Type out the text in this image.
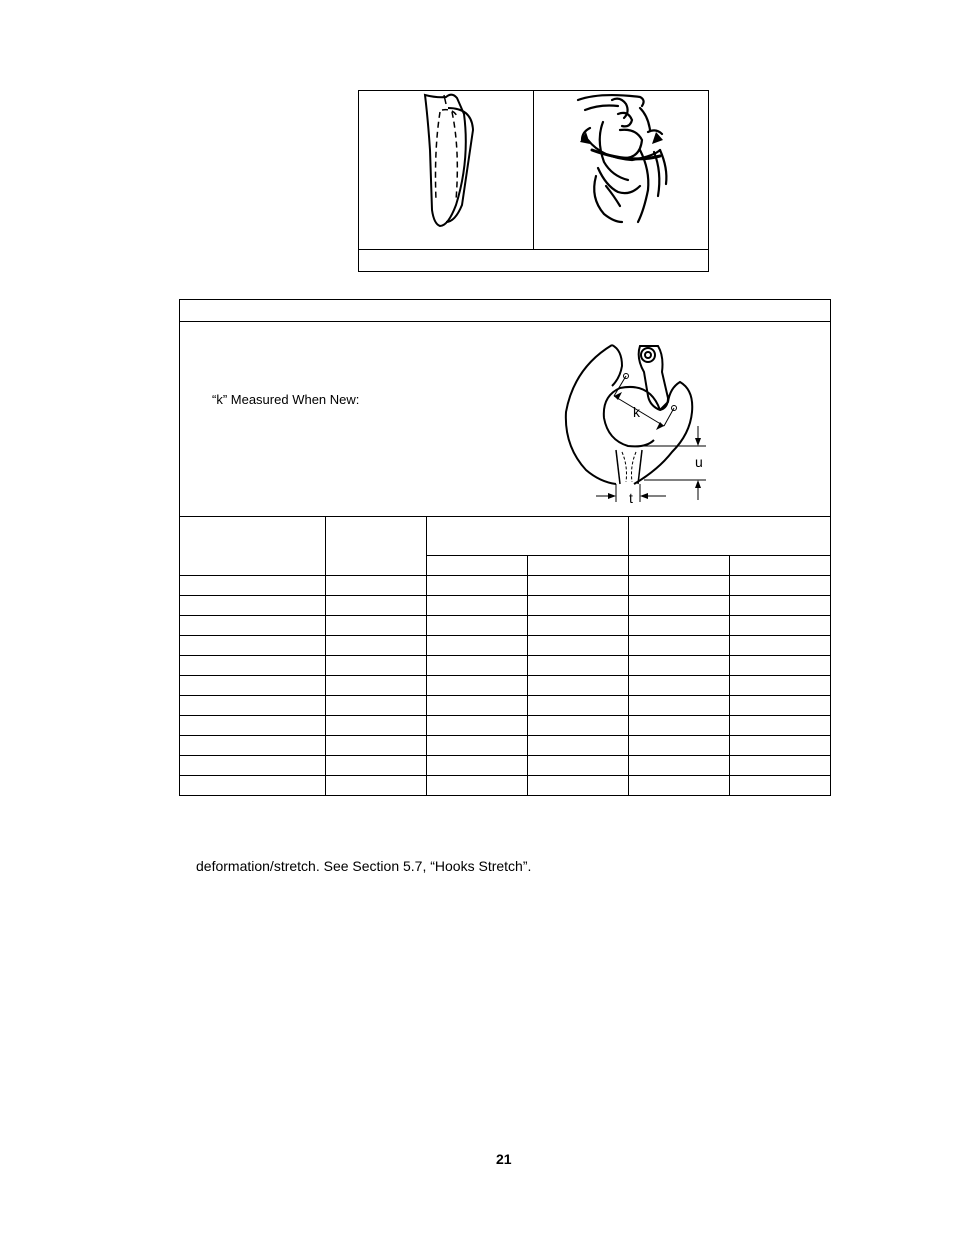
“k” Measured When New:
k
u
t
deformation/stretch. See Section 5.7, “Hooks Stretch”.
21
